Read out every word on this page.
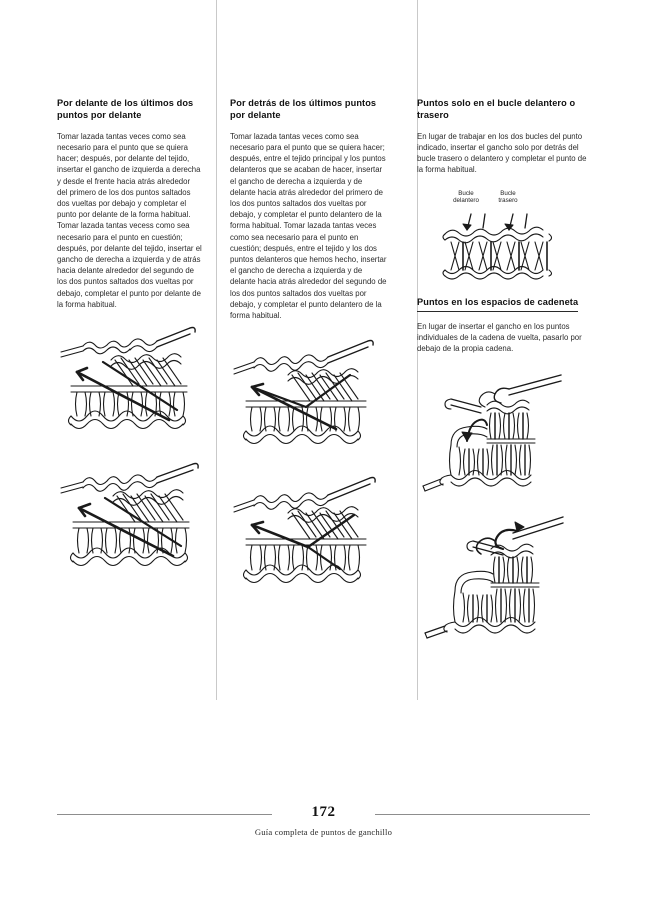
Por delante de los últimos dos puntos por delante

Tomar lazada tantas veces como sea necesario para el punto que se quiera hacer; después, por delante del tejido, insertar el gancho de izquierda a derecha y desde el frente hacia atrás alrededor del primero de los dos puntos saltados dos vueltas por debajo y completar el punto por delante de la forma habitual. Tomar lazada tantas vecess como sea necesario para el punto en cuestión; después, por delante del tejido, insertar el gancho de derecha a izquierda y de atrás hacia delante alrededor del segundo de los dos puntos saltados dos vueltas por debajo, completar el punto por delante de la forma habitual.

Por detrás de los últimos puntos por delante

Tomar lazada tantas veces como sea necesario para el punto que se quiera hacer; después, entre el tejido principal y los puntos delanteros que se acaban de hacer, insertar el gancho de derecha a izquierda y de delante hacia atrás alrededor del primero de los dos puntos saltados dos vueltas por debajo, y completar el punto delantero de la forma habitual. Tomar lazada tantas veces como sea necesario para el punto en cuestión; después, entre el tejido y los dos puntos delanteros que hemos hecho, insertar el gancho de derecha a izquierda y de delante hacia atrás alrededor del segundo de los dos puntos saltados dos vueltas por debajo, y completar el punto delantero de la forma habitual.

Puntos solo en el bucle delantero o trasero

En lugar de trabajar en los dos bucles del punto indicado, insertar el gancho solo por detrás del bucle trasero o delantero y completar el punto de la forma habitual.

Bucle
delantero
Bucle
trasero
Puntos en los espacios de cadeneta

En lugar de insertar el gancho en los puntos individuales de la cadena de vuelta, pasarlo por debajo de la propia cadena.

172
Guía completa de puntos de ganchillo
